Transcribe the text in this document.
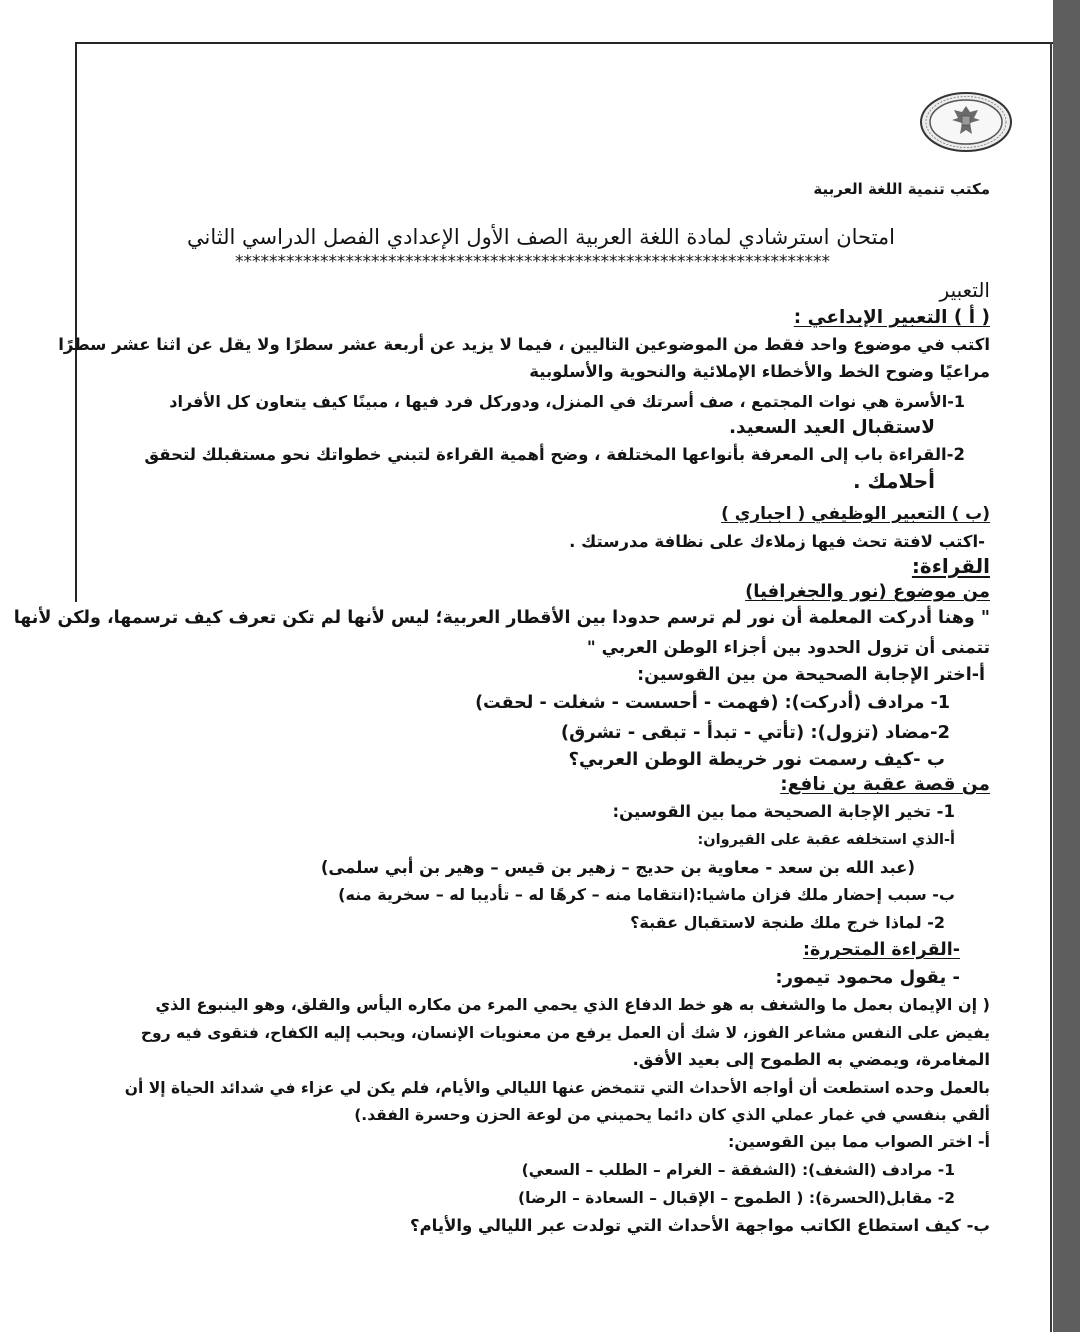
مكتب تنمية اللغة العربية
امتحان استرشادي لمادة اللغة العربية الصف الأول الإعدادي الفصل الدراسي الثاني
**********************************************************************
التعبير
( أ ) التعبير الإبداعي :
اكتب في موضوع واحد فقط من الموضوعين التاليين ، فيما لا يزيد عن أربعة عشر سطرًا ولا يقل عن اثنا عشر سطرًا
مراعيًا وضوح الخط والأخطاء الإملائية والنحوية والأسلوبية
1-الأسرة هي نوات المجتمع ، صف أسرتك في المنزل، ودوركل فرد فيها ، مبينًا كيف يتعاون كل الأفراد
لاستقبال العيد السعيد.
2-القراءة باب إلى المعرفة بأنواعها المختلفة ، وضح أهمية القراءة لتبني خطواتك نحو مستقبلك لتحقق
أحلامك .
(ب ) التعبير الوظيفي ( اجباري )
-اكتب لافتة تحث فيها زملاءك على نظافة مدرستك .
القراءة:
من موضوع (نور والجغرافيا)
" وهنا أدركت المعلمة أن نور لم ترسم حدودا بين الأقطار العربية؛ ليس لأنها لم تكن تعرف كيف ترسمها، ولكن لأنها
تتمنى أن تزول الحدود بين أجزاء الوطن العربي "
أ-اختر الإجابة الصحيحة من بين القوسين:
1- مرادف (أدركت): (فهمت - أحسست - شغلت - لحقت)
2-مضاد (تزول): (تأتي - تبدأ - تبقى - تشرق)
ب -كيف رسمت نور خريطة الوطن العربي؟
من قصة عقبة بن نافع:
1- تخير الإجابة الصحيحة مما بين القوسين:
أ-الذي استخلفه عقبة على القيروان:
(عبد الله بن سعد - معاوية بن حديج – زهير بن قيس – وهير بن أبي سلمى)
ب- سبب إحضار ملك فزان ماشيا:(انتقاما منه – كرهًا له – تأديبا له – سخرية منه)
2- لماذا خرج ملك طنجة لاستقبال عقبة؟
-القراءة المتحررة:
- يقول محمود تيمور:
( إن الإيمان بعمل ما والشغف به هو خط الدفاع الذي يحمي المرء من مكاره اليأس والقلق، وهو الينبوع الذي
يفيض على النفس مشاعر الفوز، لا شك أن العمل يرفع من معنويات الإنسان، ويحبب إليه الكفاح، فتقوى فيه روح
المغامرة، ويمضي به الطموح إلى بعيد الأفق.
بالعمل وحده استطعت أن أواجه الأحداث التي تتمخض عنها الليالي والأيام، فلم يكن لي عزاء في شدائد الحياة إلا أن
ألقي بنفسي في غمار عملي الذي كان دائما يحميني من لوعة الحزن وحسرة الفقد.)
أ- اختر الصواب مما بين القوسين:
1- مرادف (الشغف): (الشفقة – الغرام – الطلب – السعي)
2- مقابل(الحسرة): ( الطموح – الإقبال – السعادة – الرضا)
ب- كيف استطاع الكاتب مواجهة الأحداث التي تولدت عبر الليالي والأيام؟
